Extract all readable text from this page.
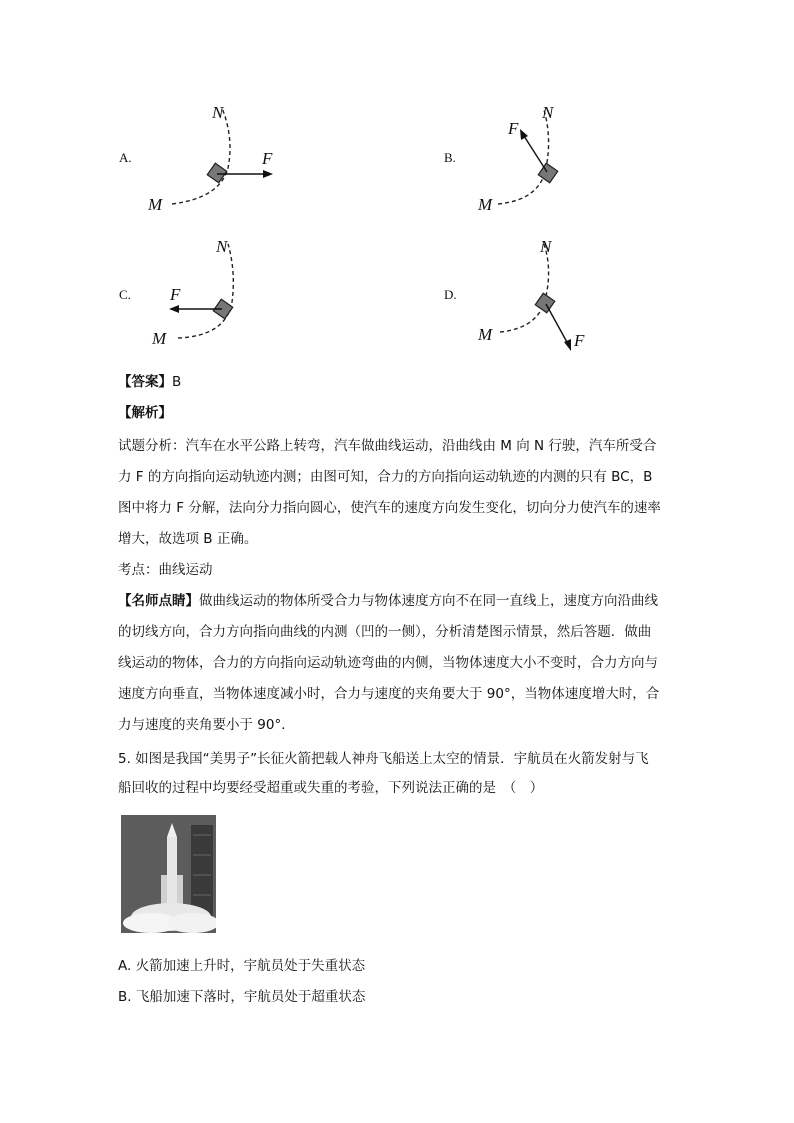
A.	B.
C.	D.
N
M
F
N
M
F
N
M
F
N
M	F
【答案】B
【解析】
试题分析：汽车在水平公路上转弯，汽车做曲线运动，沿曲线由 M 向 N 行驶，汽车所受合
力 F 的方向指向运动轨迹内测；由图可知，合力的方向指向运动轨迹的内测的只有 BC，B
图中将力 F 分解，法向分力指向圆心，使汽车的速度方向发生变化，切向分力使汽车的速率
增大，故选项 B 正确。
考点：曲线运动
【名师点睛】做曲线运动的物体所受合力与物体速度方向不在同一直线上，速度方向沿曲线
的切线方向，合力方向指向曲线的内测（凹的一侧），分析清楚图示情景，然后答题．做曲
线运动的物体，合力的方向指向运动轨迹弯曲的内侧，当物体速度大小不变时，合力方向与
速度方向垂直，当物体速度减小时，合力与速度的夹角要大于 90°，当物体速度增大时，合
力与速度的夹角要小于 90°．
5. 如图是我国“美男子”长征火箭把载人神舟飞船送上太空的情景．宇航员在火箭发射与飞
船回收的过程中均要经受超重或失重的考验，下列说法正确的是　（　）
A. 火箭加速上升时，宇航员处于失重状态
B. 飞船加速下落时，宇航员处于超重状态
